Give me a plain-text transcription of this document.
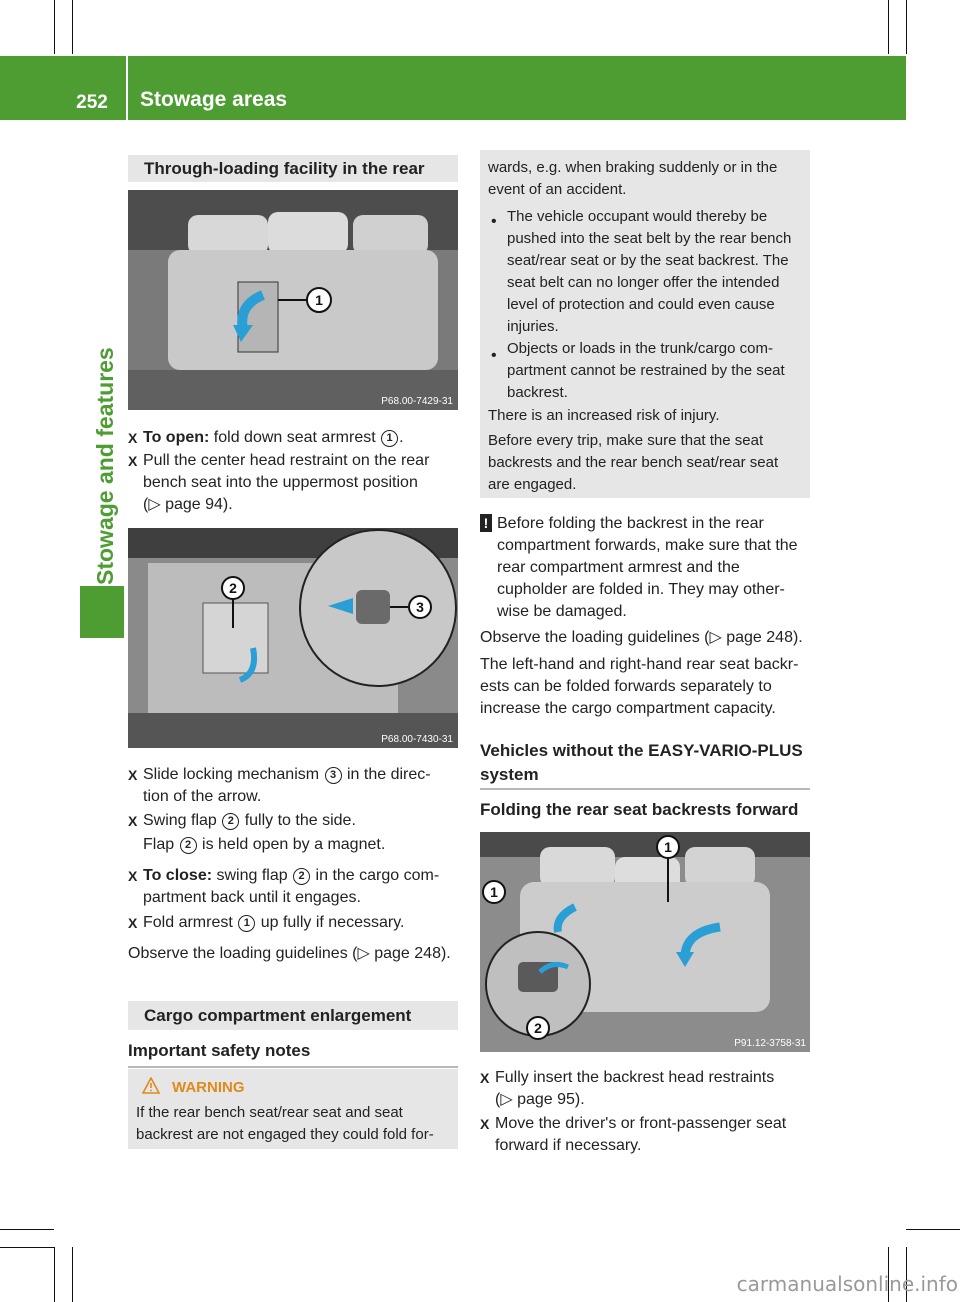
252	Stowage areas
Stowage and features
Through-loading facility in the rear
1
P68.00-7429-31
X To open: fold down seat armrest 1 .
X Pull the center head restraint on the rear bench seat into the uppermost position
(▷ page 94).
2
3
P68.00-7430-31
X Slide locking mechanism 3 in the direc-
tion of the arrow.
X Swing flap 2 fully to the side.
Flap 2 is held open by a magnet.
X To close: swing flap 2 in the cargo com-
partment back until it engages.
X Fold armrest 1 up fully if necessary.
Observe the loading guidelines (▷ page 248).
Cargo compartment enlargement
Important safety notes
WARNING
If the rear bench seat/rear seat and seat
backrest are not engaged they could fold for-
wards, e.g. when braking suddenly or in the
event of an accident.
• The vehicle occupant would thereby be
pushed into the seat belt by the rear bench
seat/rear seat or by the seat backrest. The
seat belt can no longer offer the intended
level of protection and could even cause
injuries.
• Objects or loads in the trunk/cargo com-
partment cannot be restrained by the seat
backrest.
There is an increased risk of injury.
Before every trip, make sure that the seat
backrests and the rear bench seat/rear seat
are engaged.
! Before folding the backrest in the rear
compartment forwards, make sure that the
rear compartment armrest and the
cupholder are folded in. They may other-
wise be damaged.
Observe the loading guidelines (▷ page 248).
The left-hand and right-hand rear seat backr-
ests can be folded forwards separately to
increase the cargo compartment capacity.
Vehicles without the EASY-VARIO-PLUS
system
Folding the rear seat backrests forward
1
1
2
P91.12-3758-31
X Fully insert the backrest head restraints
(▷ page 95).
X Move the driver's or front-passenger seat
forward if necessary.
carmanualsonline.info
